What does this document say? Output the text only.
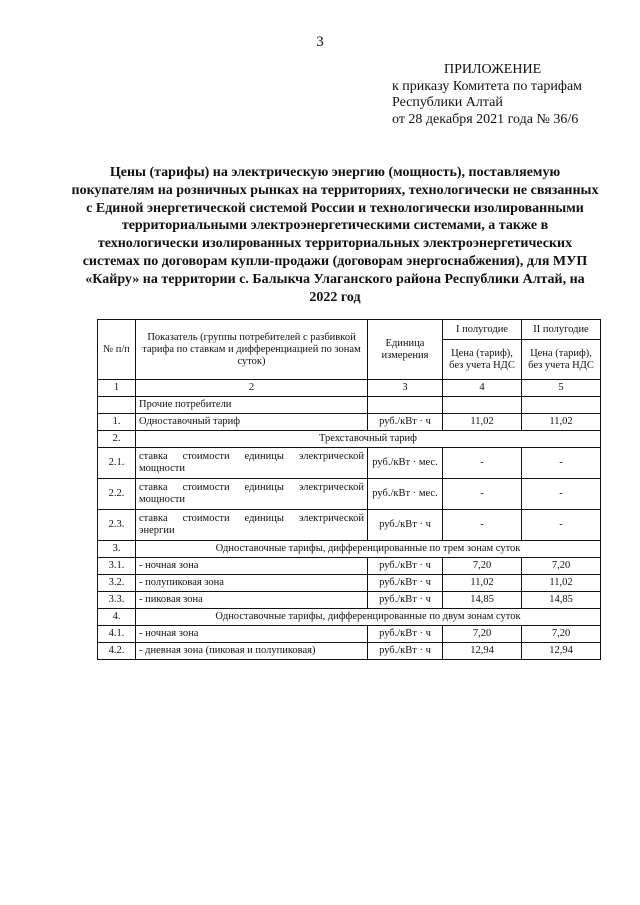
3
ПРИЛОЖЕНИЕ
к приказу Комитета по тарифам
Республики Алтай
от 28 декабря 2021 года № 36/6
Цены (тарифы) на электрическую энергию (мощность), поставляемую покупателям на розничных рынках на территориях, технологически не связанных с Единой энергетической системой России и технологически изолированными территориальными электроэнергетическими системами, а также в технологически изолированных территориальных электроэнергетических системах по договорам купли-продажи (договорам энергоснабжения), для МУП «Кайру» на территории с. Балыкча Улаганского района Республики Алтай, на 2022 год
№ п/п	Показатель (группы потребителей с разбивкой тарифа по ставкам и дифференциацией по зонам суток)	Единица измерения	I полугодие	II полугодие
			Цена (тариф), без учета НДС	Цена (тариф), без учета НДС
1	2	3	4	5
	Прочие потребители			
1.	Одноставочный тариф	руб./кВт · ч	11,02	11,02
2.	Трехставочный тариф			
2.1.	ставка стоимости единицы электрической мощности	руб./кВт · мес.	-	-
2.2.	ставка стоимости единицы электрической мощности	руб./кВт · мес.	-	-
2.3.	ставка стоимости единицы электрической энергии	руб./кВт · ч	-	-
3.	Одноставочные тарифы, дифференцированные по трем зонам суток			
3.1.	- ночная зона	руб./кВт · ч	7,20	7,20
3.2.	- полупиковая зона	руб./кВт · ч	11,02	11,02
3.3.	- пиковая зона	руб./кВт · ч	14,85	14,85
4.	Одноставочные тарифы, дифференцированные по двум зонам суток			
4.1.	- ночная зона	руб./кВт · ч	7,20	7,20
4.2.	- дневная зона (пиковая и полупиковая)	руб./кВт · ч	12,94	12,94
